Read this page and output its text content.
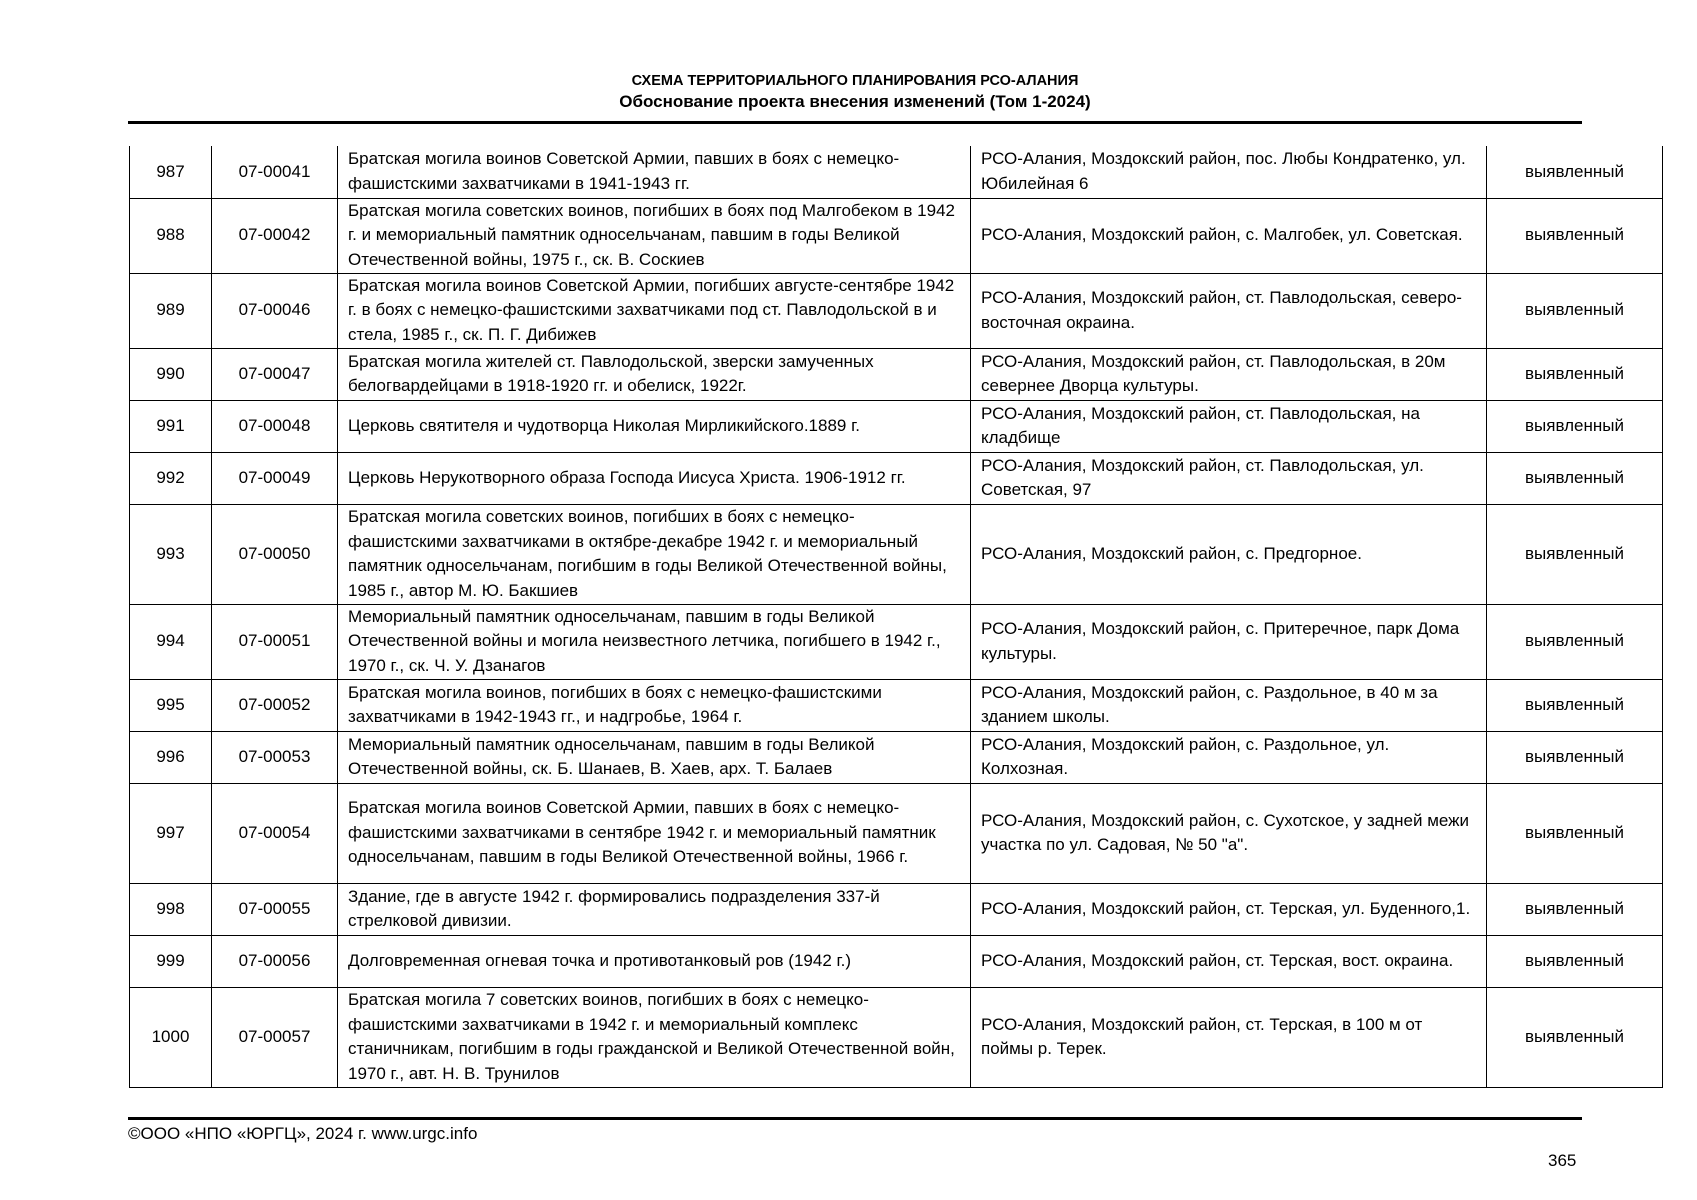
СХЕМА ТЕРРИТОРИАЛЬНОГО ПЛАНИРОВАНИЯ РСО-АЛАНИЯ
Обоснование проекта внесения изменений (Том 1-2024)
987	07-00041	Братская могила воинов Советской Армии, павших в боях с немецко-фашистскими захватчиками в 1941-1943 гг.	РСО-Алания, Моздокский район, пос. Любы Кондратенко, ул. Юбилейная 6	выявленный
988	07-00042	Братская могила советских воинов, погибших в боях под Малгобеком в 1942 г. и мемориальный памятник односельчанам, павшим в годы Великой Отечественной войны, 1975 г., ск. В. Соскиев	РСО-Алания, Моздокский район, с. Малгобек, ул. Советская.	выявленный
989	07-00046	Братская могила воинов Советской Армии, погибших августе-сентябре 1942 г. в боях с немецко-фашистскими захватчиками под ст. Павлодольской в и стела, 1985 г., ск. П. Г. Дибижев	РСО-Алания, Моздокский район, ст. Павлодольская, северо-восточная окраина.	выявленный
990	07-00047	Братская могила жителей ст. Павлодольской, зверски замученных белогвардейцами в 1918-1920 гг. и обелиск, 1922г.	РСО-Алания, Моздокский район, ст. Павлодольская, в 20м севернее Дворца культуры.	выявленный
991	07-00048	Церковь святителя и чудотворца Николая Мирликийского.1889 г.	РСО-Алания, Моздокский район, ст. Павлодольская, на кладбище	выявленный
992	07-00049	Церковь Нерукотворного образа Господа Иисуса Христа. 1906-1912 гг.	РСО-Алания, Моздокский район, ст. Павлодольская, ул. Советская, 97	выявленный
993	07-00050	Братская могила советских воинов, погибших в боях с немецко-фашистскими захватчиками в октябре-декабре 1942 г. и мемориальный памятник односельчанам, погибшим в годы Великой Отечественной войны, 1985 г., автор М. Ю. Бакшиев	РСО-Алания, Моздокский район, с. Предгорное.	выявленный
994	07-00051	Мемориальный памятник односельчанам, павшим в годы Великой Отечественной войны и могила неизвестного летчика, погибшего в 1942 г., 1970 г., ск. Ч. У. Дзанагов	РСО-Алания, Моздокский район, с. Притеречное, парк Дома культуры.	выявленный
995	07-00052	Братская могила воинов, погибших в боях с немецко-фашистскими захватчиками в 1942-1943 гг., и надгробье, 1964 г.	РСО-Алания, Моздокский район, с. Раздольное, в 40 м за зданием школы.	выявленный
996	07-00053	Мемориальный памятник односельчанам, павшим в годы Великой Отечественной войны, ск. Б. Шанаев, В. Хаев, арх. Т. Балаев	РСО-Алания, Моздокский район, с. Раздольное, ул. Колхозная.	выявленный
997	07-00054	Братская могила воинов Советской Армии, павших в боях с немецко-фашистскими захватчиками в сентябре 1942 г. и мемориальный памятник односельчанам, павшим в годы Великой Отечественной войны, 1966 г.	РСО-Алания, Моздокский район, с. Сухотское, у задней межи участка по ул. Садовая, № 50 "а".	выявленный
998	07-00055	Здание, где в августе 1942 г. формировались подразделения 337-й стрелковой дивизии.	РСО-Алания, Моздокский район, ст. Терская, ул. Буденного,1.	выявленный
999	07-00056	Долговременная огневая точка и противотанковый ров (1942 г.)	РСО-Алания, Моздокский район, ст. Терская, вост. окраина.	выявленный
1000	07-00057	Братская могила 7 советских воинов, погибших в боях с немецко-фашистскими захватчиками в 1942 г. и мемориальный комплекс станичникам, погибшим в годы гражданской и Великой Отечественной войн, 1970 г., авт. Н. В. Трунилов	РСО-Алания, Моздокский район, ст. Терская, в 100 м от поймы р. Терек.	выявленный
©ООО «НПО «ЮРГЦ», 2024 г. www.urgc.info
365
